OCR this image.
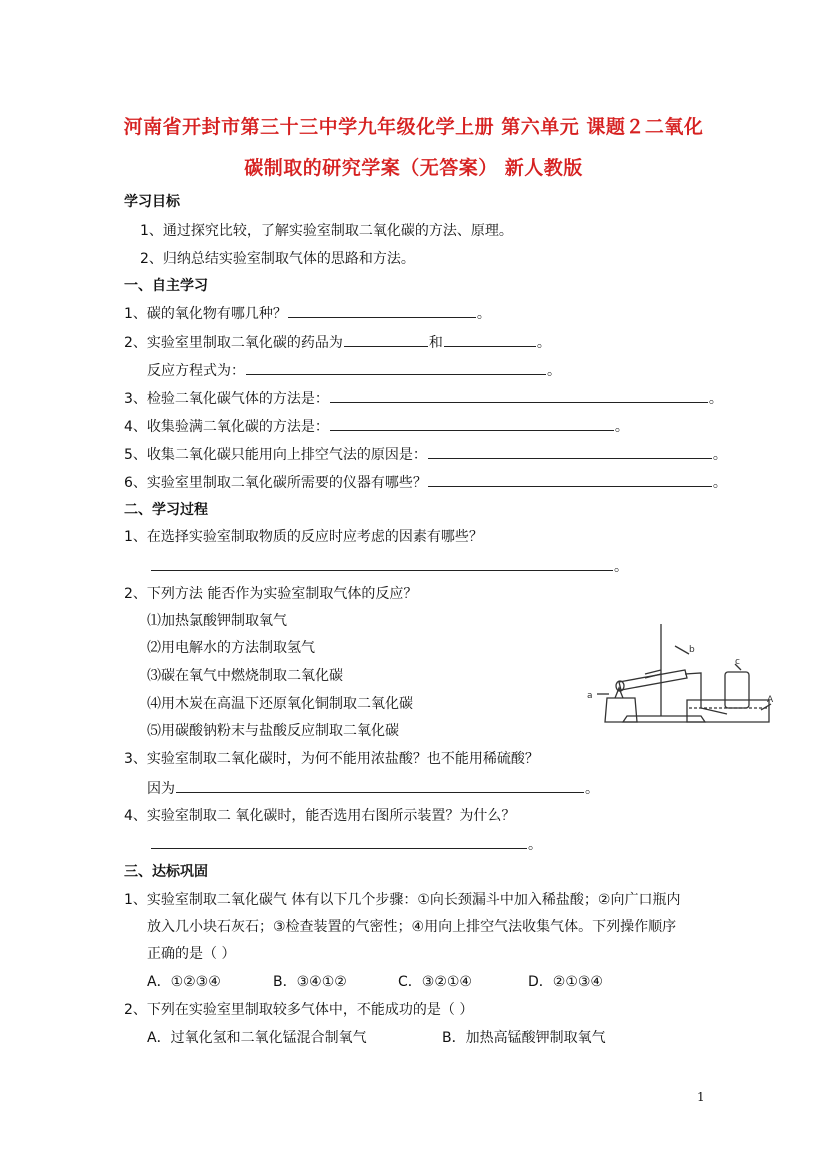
河南省开封市第三十三中学九年级化学上册 第六单元 课题２二氧化
碳制取的研究学案（无答案） 新人教版
学习目标
1、通过探究比较，了解实验室制取二氧化碳的方法、原理。
2、归纳总结实验室制取气体的思路和方法。
一、自主学习
1、碳的氧化物有哪几种？	。
2、实验室里制取二氧化碳的药品为	和	。
反应方程式为：	。
3、检验二氧化碳气体的方法是：	。
4、收集验满二氧化碳的方法是：	。
5、收集二氧化碳只能用向上排空气法的原因是：	。
6、实验室里制取二氧化碳所需要的仪器有哪些？	。
二、学习过程
1、在选择实验室制取物质的反应时应考虑的因素有哪些？
。
2、下列方法 能否作为实验室制取气体的反应？
⑴加热氯酸钾制取氧气
⑵用电解水的方法制取氢气
⑶碳在氧气中燃烧制取二氧化碳
⑷用木炭在高温下还原氧化铜制取二氧化碳
⑸用碳酸钠粉末与盐酸反应制取二氧化碳
3、实验室制取二氧化碳时，为何不能用浓盐酸？也不能用稀硫酸？
因为	。
4、实验室制取二 氧化碳时，能否选用右图所示装置？为什么？
。
三、达标巩固
1、实验室制取二氧化碳气 体有以下几个步骤：①向长颈漏斗中加入稀盐酸；②向广口瓶内
放入几小块石灰石；③检查装置的气密性；④用向上排空气法收集气体。下列操作顺序
正确的是（ ）
A．①②③④	B．③④①②	C．③②①④	D．②①③④
2、下列在实验室里制取较多气体中，不能成功的是（ ）
A．过氧化氢和二氧化锰混合制氧气	B．加热高锰酸钾制取氧气
1
b
c
a	A
